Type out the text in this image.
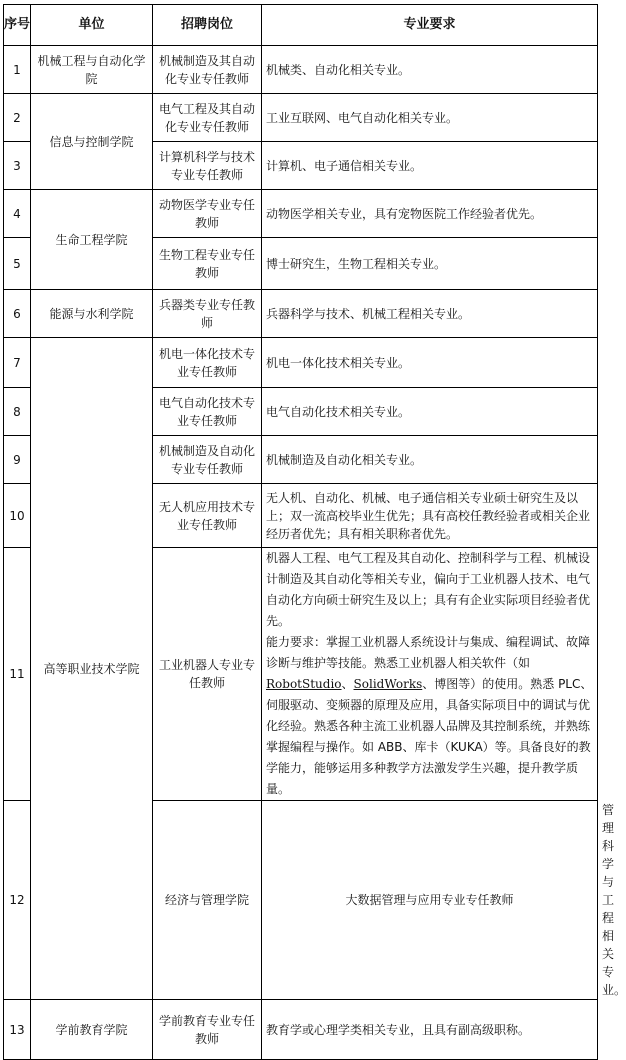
序号	单位	招聘岗位	专业要求	
1	机械工程与自动化学院	机械制造及其自动化专业专任教师	机械类、自动化相关专业。	
2	信息与控制学院	电气工程及其自动化专业专任教师	工业互联网、电气自动化相关专业。	
3		计算机科学与技术专业专任教师	计算机、电子通信相关专业。	
4	生命工程学院	动物医学专业专任教师	动物医学相关专业，具有宠物医院工作经验者优先。	
5		生物工程专业专任教师	博士研究生，生物工程相关专业。	
6	能源与水利学院	兵器类专业专任教师	兵器科学与技术、机械工程相关专业。	
7	高等职业技术学院	机电一体化技术专业专任教师	机电一体化技术相关专业。	
8		电气自动化技术专业专任教师	电气自动化技术相关专业。	
9		机械制造及自动化专业专任教师	机械制造及自动化相关专业。	
10		无人机应用技术专业专任教师	无人机、自动化、机械、电子通信相关专业硕士研究生及以上；双一流高校毕业生优先；具有高校任教经验者或相关企业经历者优先；具有相关职称者优先。	
11		工业机器人专业专任教师	机器人工程、电气工程及其自动化、控制科学与工程、机械设计制造及其自动化等相关专业，偏向于工业机器人技术、电气自动化方向硕士研究生及以上；具有有企业实际项目经验者优先。
能力要求：掌握工业机器人系统设计与集成、编程调试、故障诊断与维护等技能。熟悉工业机器人相关软件（如RobotStudio、SolidWorks、博图等）的使用。熟悉 PLC、伺服驱动、变频器的原理及应用，具备实际项目中的调试与优化经验。熟悉各种主流工业机器人品牌及其控制系统，并熟练掌握编程与操作。如 ABB、库卡（KUKA）等。具备良好的教学能力，能够运用多种教学方法激发学生兴趣，提升教学质量。	

12		经济与管理学院	大数据管理与应用专业专任教师	管理科学与工程相关专业。
13	学前教育学院	学前教育专业专任教师	教育学或心理学类相关专业，且具有副高级职称。	
